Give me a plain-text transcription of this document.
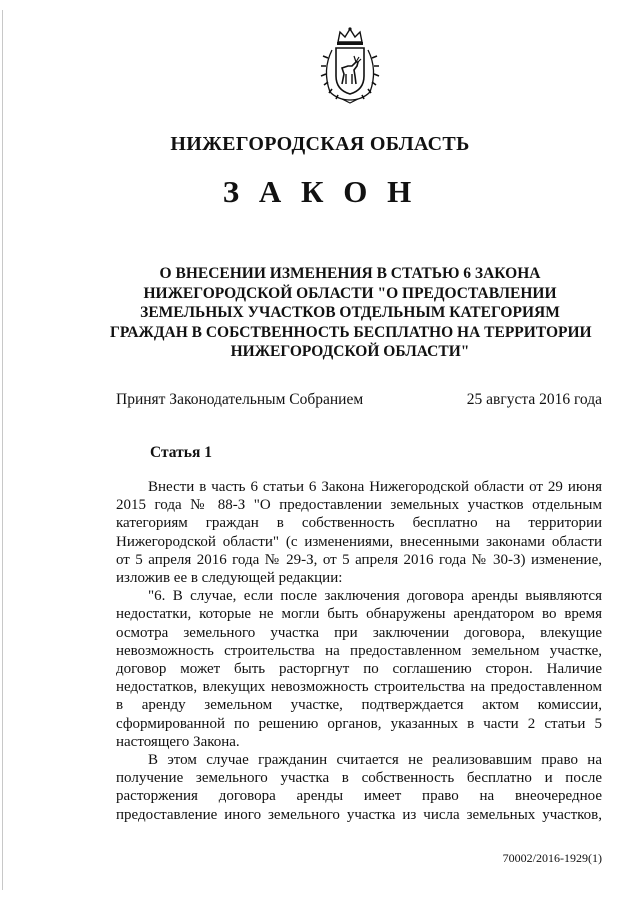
НИЖЕГОРОДСКАЯ ОБЛАСТЬ
З А К О Н
О ВНЕСЕНИИ ИЗМЕНЕНИЯ В СТАТЬЮ 6 ЗАКОНА
НИЖЕГОРОДСКОЙ ОБЛАСТИ "О ПРЕДОСТАВЛЕНИИ
ЗЕМЕЛЬНЫХ УЧАСТКОВ ОТДЕЛЬНЫМ КАТЕГОРИЯМ
ГРАЖДАН В СОБСТВЕННОСТЬ БЕСПЛАТНО НА ТЕРРИТОРИИ
НИЖЕГОРОДСКОЙ ОБЛАСТИ"
Принят Законодательным Собранием	25 августа 2016 года
Статья 1
Внести в часть 6 статьи 6 Закона Нижегородской области от 29 июня
2015 года № 88-З "О предоставлении земельных участков отдельным
категориям граждан в собственность бесплатно на территории
Нижегородской области" (с изменениями, внесенными законами области
от 5 апреля 2016 года № 29-З, от 5 апреля 2016 года № 30-З) изменение,
изложив ее в следующей редакции:
"6. В случае, если после заключения договора аренды выявляются
недостатки, которые не могли быть обнаружены арендатором во время
осмотра земельного участка при заключении договора, влекущие
невозможность строительства на предоставленном земельном участке,
договор может быть расторгнут по соглашению сторон. Наличие
недостатков, влекущих невозможность строительства на предоставленном
в аренду земельном участке, подтверждается актом комиссии,
сформированной по решению органов, указанных в части 2 статьи 5
настоящего Закона.
В этом случае гражданин считается не реализовавшим право на
получение земельного участка в собственность бесплатно и после
расторжения договора аренды имеет право на внеочередное
предоставление иного земельного участка из числа земельных участков,
70002/2016-1929(1)
